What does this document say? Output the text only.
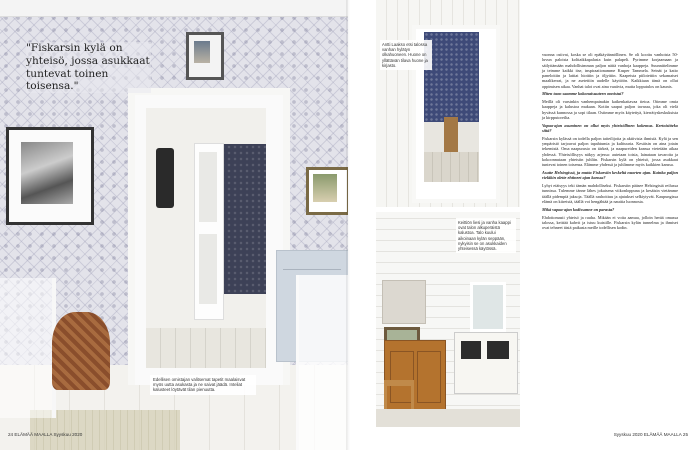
"Fiskarsin kylä on yhteisö, jossa asukkaat tuntevat toinen toisensa."
Edellisen omistajan valitsemat tapetit maalaisvat myös uutta asukasta ja ne saivat jäädä. Inteliat kalusteet löytävät tilan pienuutta.
24 ELÄMÄÄ MAALLA Syyskuu 2020
Antti Laakso etsi talossa vanhan hylätyn olkahuoneen. Huone on yllättävän tilava huone ja kirjasto.
Keittiön liesi ja vanha kaappi ovat talon alkuperäistä kalustoa. Talo kuului aikoinaan kylän seppään, nykyisin se on asukkaiden yhteisessä käytössä.

vuonna ostivat, koska se oli epäkäytännöllinen. Se oli koottu vanhoista 50-luvun paloista kolttaikkapalasta kuin palapeli. Pyrimme korjaamaan ja säilyttämään mahdollisimman paljon näitä vanhoja kaappeja. Suunnittelimme ja teimme kaikki itse, inspiraationamme Kasper Tammela. Seinät ja katto paneloitiin ja lattiat hiottiin ja öljyttiin. Kaapeista piilotettiin sekamaiset maalikerrat, ja ne asetettiin uudelle käyttöön. Kaikkiaan tämä on ollut oppimisen aikaa. Vanhat talot ovat aina vaativia, mutta lopputulos on kaunis.

Miten tuon saamme kokonaisuuteen onnistui?

Meillä oli varsinkin vanhempainakin kaikenkattavaa tietoa. Otimme omia kaappeja ja kalustoa mukaan. Kotiin saapui paljon tavaraa, joka oli vielä hyvässä kunnossa ja sopi tilaan. Ostimme myös käytettyä, kierrätyskeskuksista ja kirpputoreilta.

Vapaa-ajan asuminen on ollut myös yhteisöllinen kokemus. Kertoisitteko siitä?

Fiskarsin kylässä on todella paljon taiteilijoita ja aktiivisia ihmisiä. Kylä ja sen ympäristö tarjoavat paljon tapahtumia ja kulttuuria. Kesäisin on aina jotain tekemistä. Oma naapurusto on tärkeä, ja naapureiden kanssa vietetään aikaa yhdessä. Yhteisöllisyys näkyy arjessa: autetaan toisia, lainataan tavaroita ja kokoonnutaan yhteisiin juhliin. Fiskarsin kylä on yhteisö, jossa asukkaat tuntevat toinen toisensa. Elämme yhdessä ja juhlimme myös kaikkien kanssa.

Asutte Helsingissä, ja mutta Fiskarsiin keskeltä nuorten ajan. Kuinka paljon vieläkin olette ehtineet ajan kanssa?

Lyhyt etäisyys teki tämän mahdolliseksi. Fiskarsiin pääsee Helsingistä reilussa tunnissa. Tulemme tänne lähes jokaisena viikonloppuna ja kesäisin vietämme täällä pidempiä jaksoja. Täällä rauhoittuu ja ajatukset selkiytyvät. Kaupungissa elämä on kiireistä, täällä voi hengähtää ja nauttia luonnosta.

Mikä vapaa-ajan kodissanne on parasta?

Ehdottomasti yhteisö ja rauha. Mikään ei voita aamua, jolloin herää omassa talossa, keittää kahvit ja istuu kuistille. Fiskarsin kylän tunnelma ja ihmiset ovat tehneet tästä paikasta meille todellisen kodin.

Syyskuu 2020 ELÄMÄÄ MAALLA 25
